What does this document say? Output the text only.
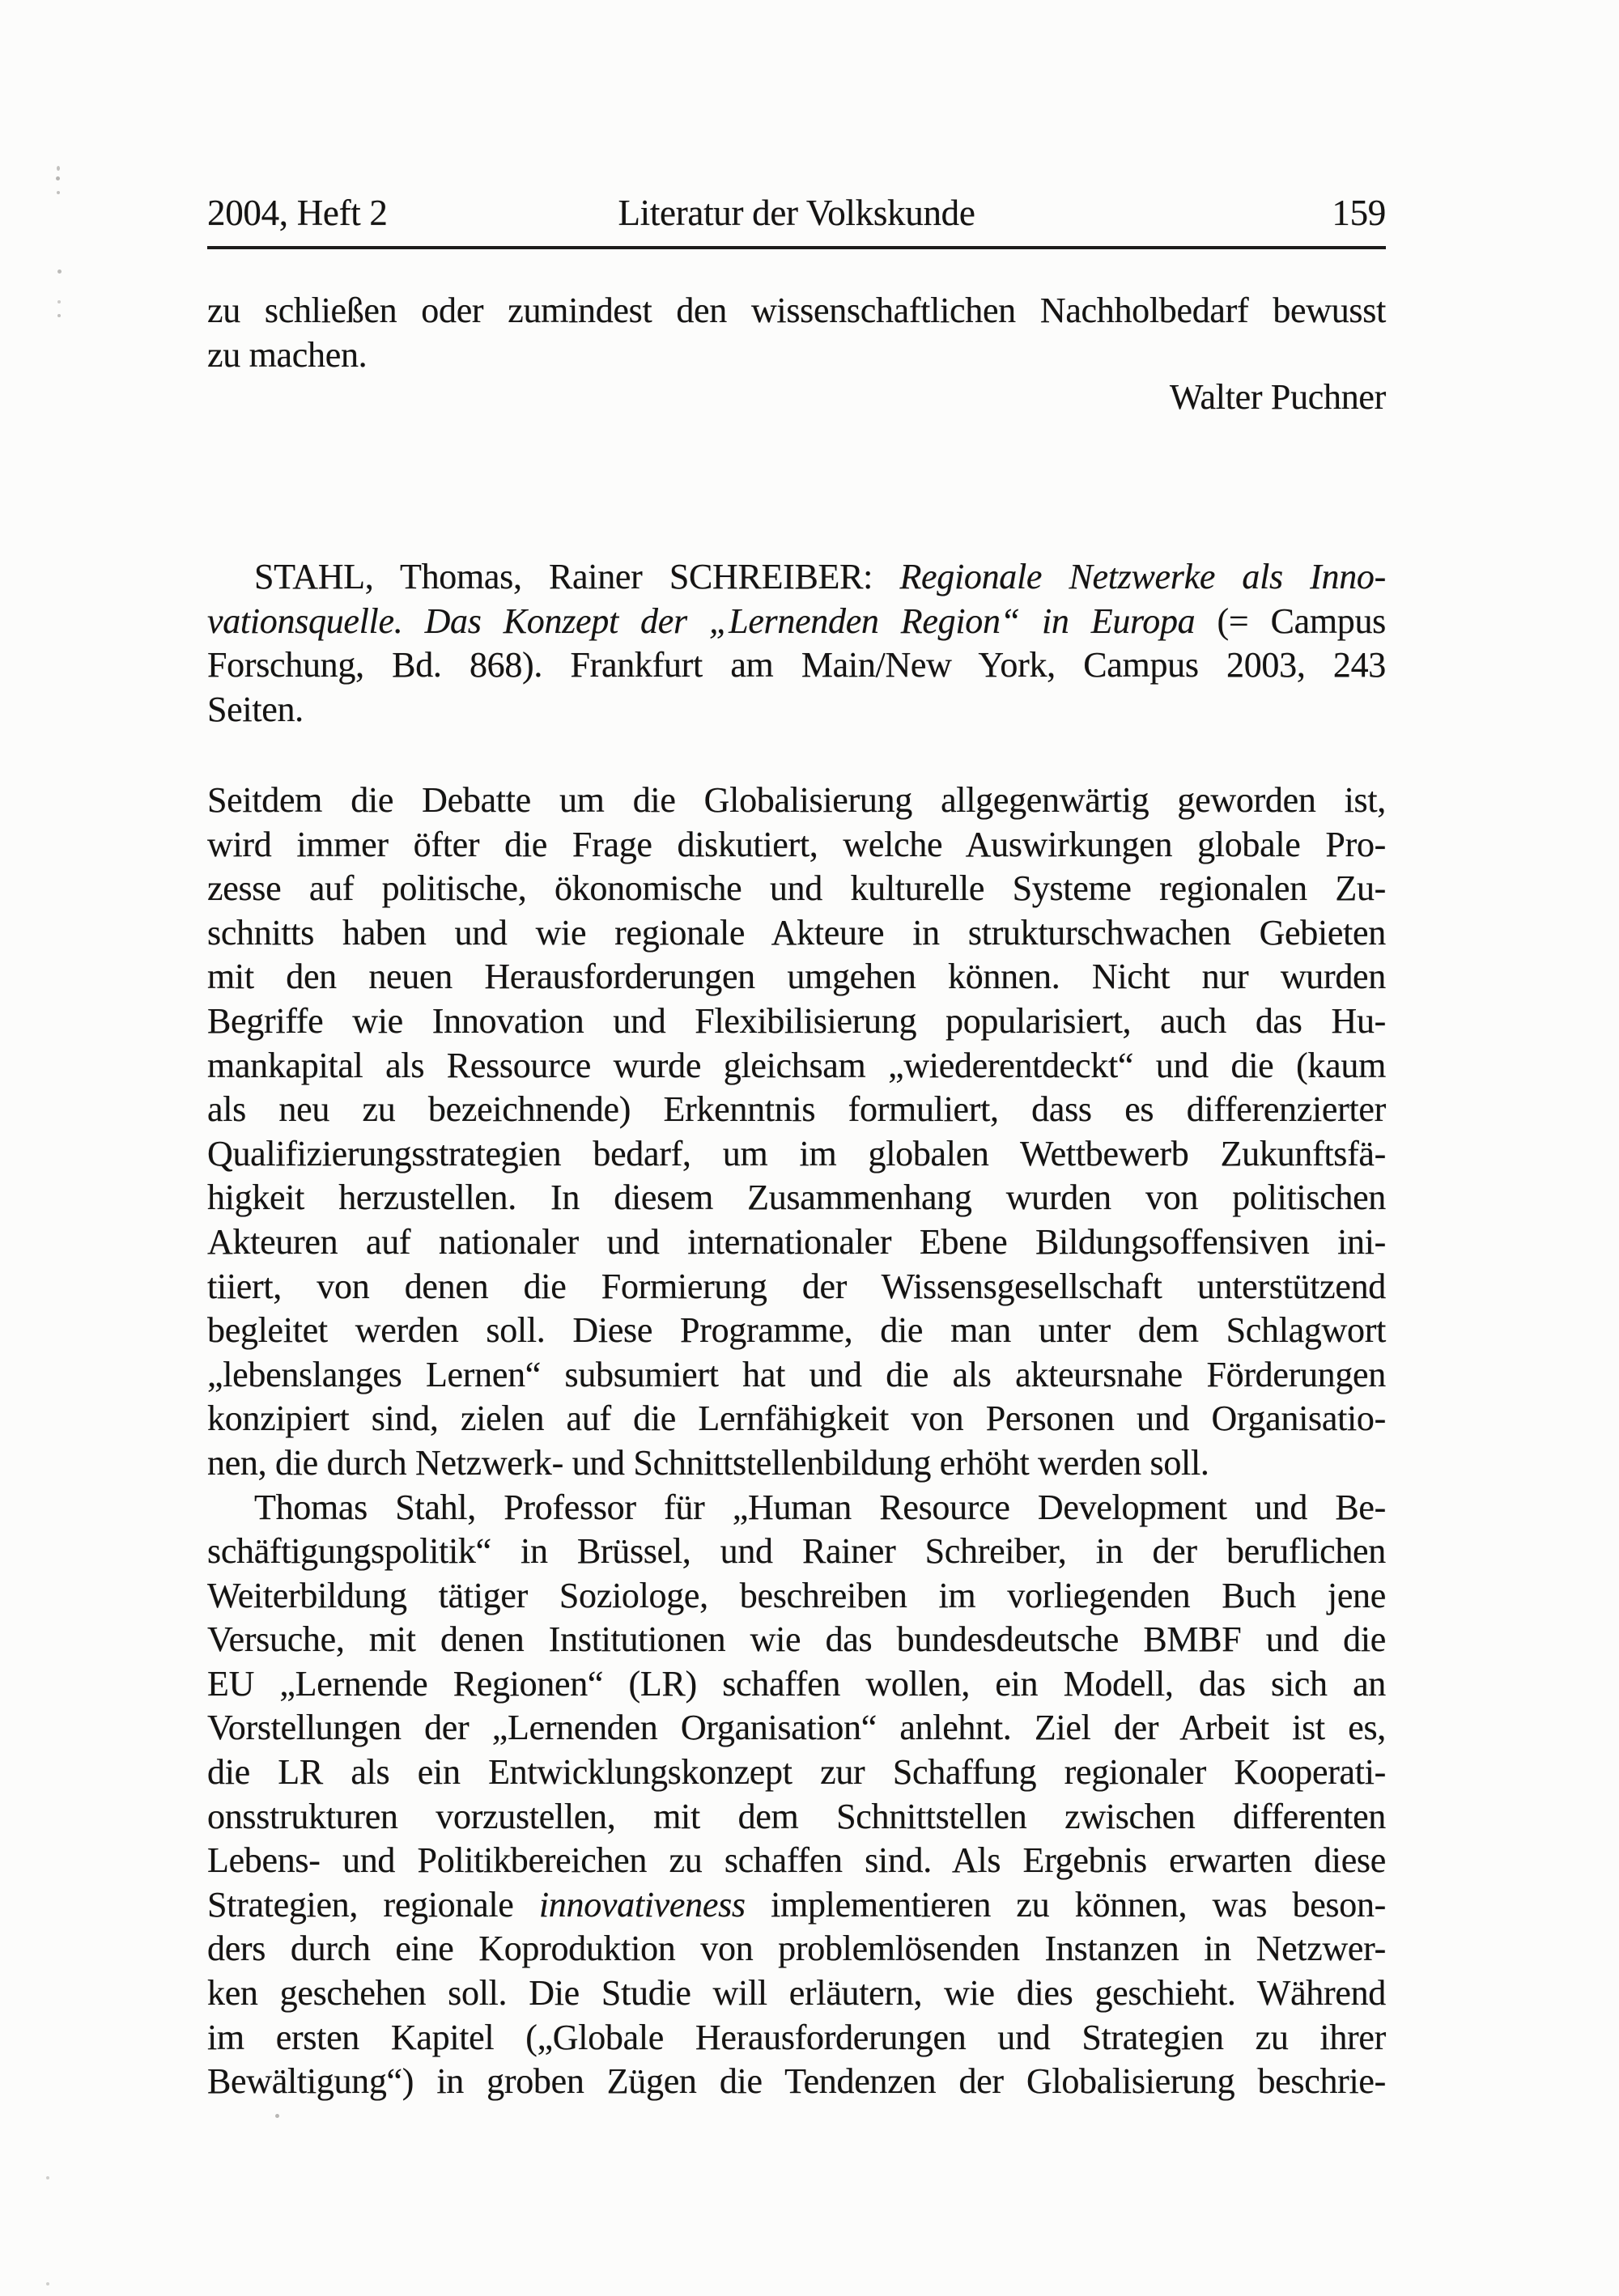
2004, Heft 2	Literatur der Volkskunde	159
zu schließen oder zumindest den wissenschaftlichen Nachholbedarf bewusst
zu machen.
Walter Puchner
STAHL, Thomas, Rainer SCHREIBER: Regionale Netzwerke als Inno-
vationsquelle. Das Konzept der „Lernenden Region“ in Europa (= Campus
Forschung, Bd. 868). Frankfurt am Main/New York, Campus 2003, 243
Seiten.
Seitdem die Debatte um die Globalisierung allgegenwärtig geworden ist,
wird immer öfter die Frage diskutiert, welche Auswirkungen globale Pro-
zesse auf politische, ökonomische und kulturelle Systeme regionalen Zu-
schnitts haben und wie regionale Akteure in strukturschwachen Gebieten
mit den neuen Herausforderungen umgehen können. Nicht nur wurden
Begriffe wie Innovation und Flexibilisierung popularisiert, auch das Hu-
mankapital als Ressource wurde gleichsam „wiederentdeckt“ und die (kaum
als neu zu bezeichnende) Erkenntnis formuliert, dass es differenzierter
Qualifizierungsstrategien bedarf, um im globalen Wettbewerb Zukunftsfä-
higkeit herzustellen. In diesem Zusammenhang wurden von politischen
Akteuren auf nationaler und internationaler Ebene Bildungsoffensiven ini-
tiiert, von denen die Formierung der Wissensgesellschaft unterstützend
begleitet werden soll. Diese Programme, die man unter dem Schlagwort
„lebenslanges Lernen“ subsumiert hat und die als akteursnahe Förderungen
konzipiert sind, zielen auf die Lernfähigkeit von Personen und Organisatio-
nen, die durch Netzwerk- und Schnittstellenbildung erhöht werden soll.
Thomas Stahl, Professor für „Human Resource Development und Be-
schäftigungspolitik“ in Brüssel, und Rainer Schreiber, in der beruflichen
Weiterbildung tätiger Soziologe, beschreiben im vorliegenden Buch jene
Versuche, mit denen Institutionen wie das bundesdeutsche BMBF und die
EU „Lernende Regionen“ (LR) schaffen wollen, ein Modell, das sich an
Vorstellungen der „Lernenden Organisation“ anlehnt. Ziel der Arbeit ist es,
die LR als ein Entwicklungskonzept zur Schaffung regionaler Kooperati-
onsstrukturen vorzustellen, mit dem Schnittstellen zwischen differenten
Lebens- und Politikbereichen zu schaffen sind. Als Ergebnis erwarten diese
Strategien, regionale innovativeness implementieren zu können, was beson-
ders durch eine Koproduktion von problemlösenden Instanzen in Netzwer-
ken geschehen soll. Die Studie will erläutern, wie dies geschieht. Während
im ersten Kapitel („Globale Herausforderungen und Strategien zu ihrer
Bewältigung“) in groben Zügen die Tendenzen der Globalisierung beschrie-
